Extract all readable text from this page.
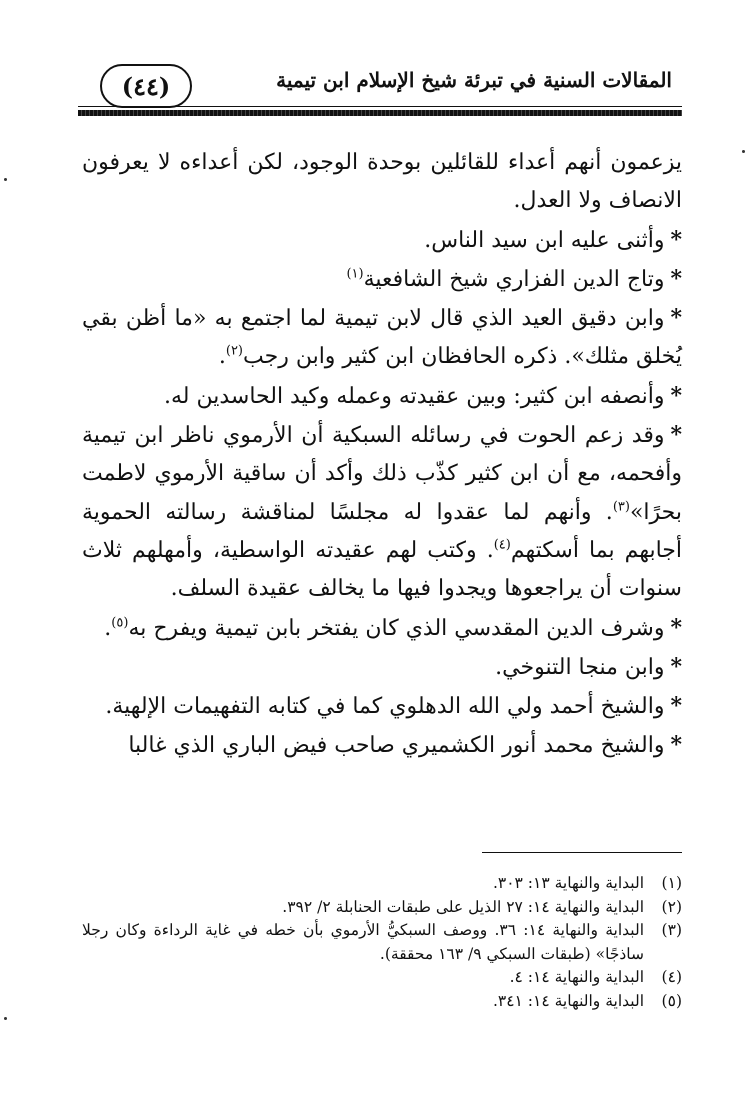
(٤٤)	المقالات السنية في تبرئة شيخ الإسلام ابن تيمية

يزعمون أنهم أعداء للقائلين بوحدة الوجود، لكن أعداءه لا يعرفون الانصاف ولا العدل.

*وأثنى عليه ابن سيد الناس.

*وتاج الدين الفزاري شيخ الشافعية$^{(١)}$

*وابن دقيق العيد الذي قال لابن تيمية لما اجتمع به «ما أظن بقي يُخلق مثلك». ذكره الحافظان ابن كثير وابن رجب$^{(٢)}$.

*وأنصفه ابن كثير: وبين عقيدته وعمله وكيد الحاسدين له.

*وقد زعم الحوت في رسائله السبكية أن الأرموي ناظر ابن تيمية وأفحمه، مع أن ابن كثير كذّب ذلك وأكد أن ساقية الأرموي لاطمت بحرًا»$^{(٣)}$. وأنهم لما عقدوا له مجلسًا لمناقشة رسالته الحموية أجابهم بما أسكتهم$^{(٤)}$. وكتب لهم عقيدته الواسطية، وأمهلهم ثلاث سنوات أن يراجعوها ويجدوا فيها ما يخالف عقيدة السلف.

*وشرف الدين المقدسي الذي كان يفتخر بابن تيمية ويفرح به$^{(٥)}$.

*وابن منجا التنوخي.

*والشيخ أحمد ولي الله الدهلوي كما في كتابه التفهيمات الإلهية.

*والشيخ محمد أنور الكشميري صاحب فيض الباري الذي غالبا

(١)
البداية والنهاية ١٣: ٣٠٣.
(٢)
البداية والنهاية ١٤: ٢٧ الذيل على طبقات الحنابلة ٢/ ٣٩٢.
(٣)
البداية والنهاية ١٤: ٣٦. ووصف السبكيُّ الأرموي بأن خطه في غاية الرداءة وكان رجلا ساذجًا» (طبقات السبكي ٩/ ١٦٣ محققة).
(٤)
البداية والنهاية ١٤: ٤.
(٥)
البداية والنهاية ١٤: ٣٤١.
